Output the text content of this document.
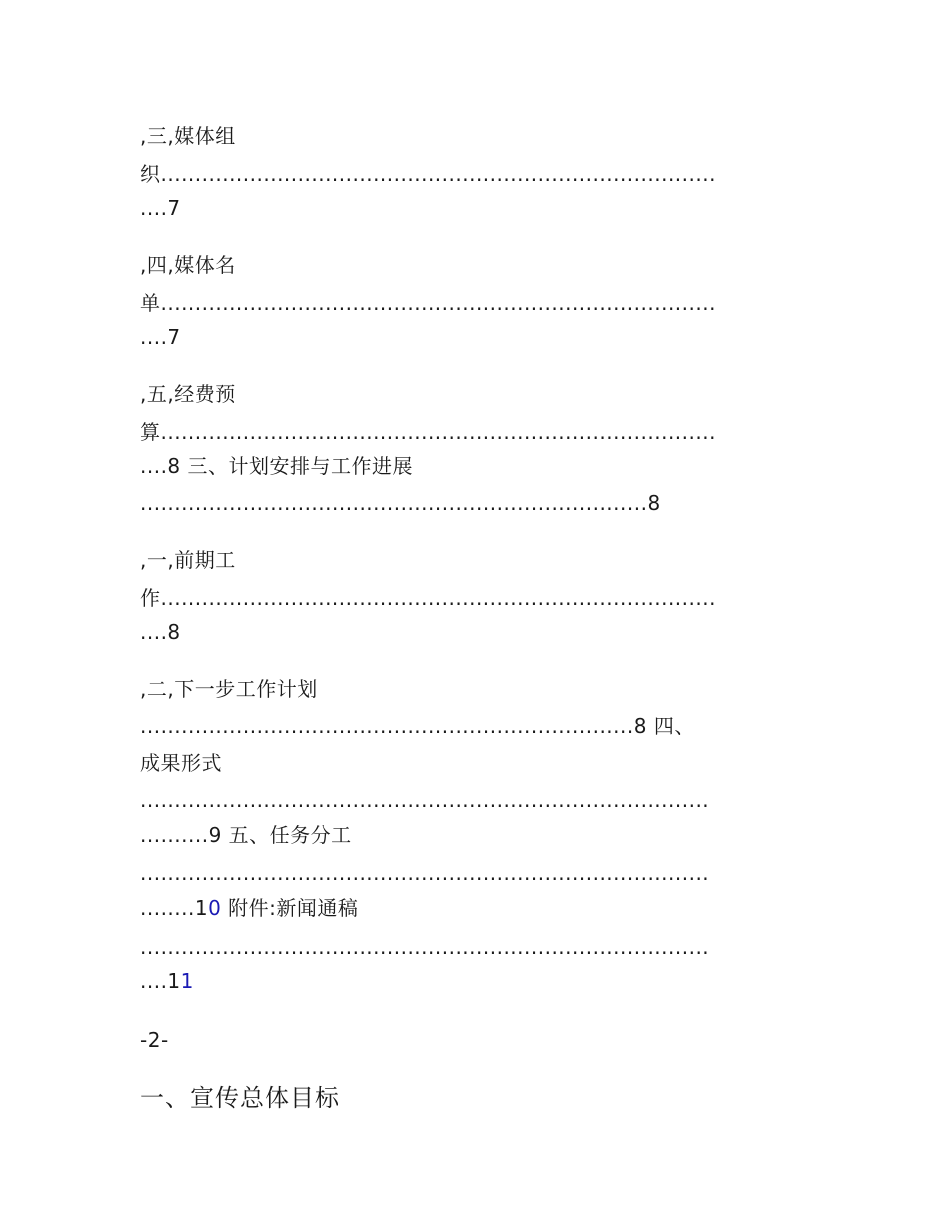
,三,媒体组
织.................................................................................
....7
,四,媒体名
单.................................................................................
....7
,五,经费预
算.................................................................................
....8 三、计划安排与工作进展
..........................................................................8
,一,前期工
作.................................................................................
....8
,二,下一步工作计划
........................................................................8 四、
成果形式
...................................................................................
..........9 五、任务分工
...................................................................................
........10 附件:新闻通稿
...................................................................................
....11
-2-
一、宣传总体目标
